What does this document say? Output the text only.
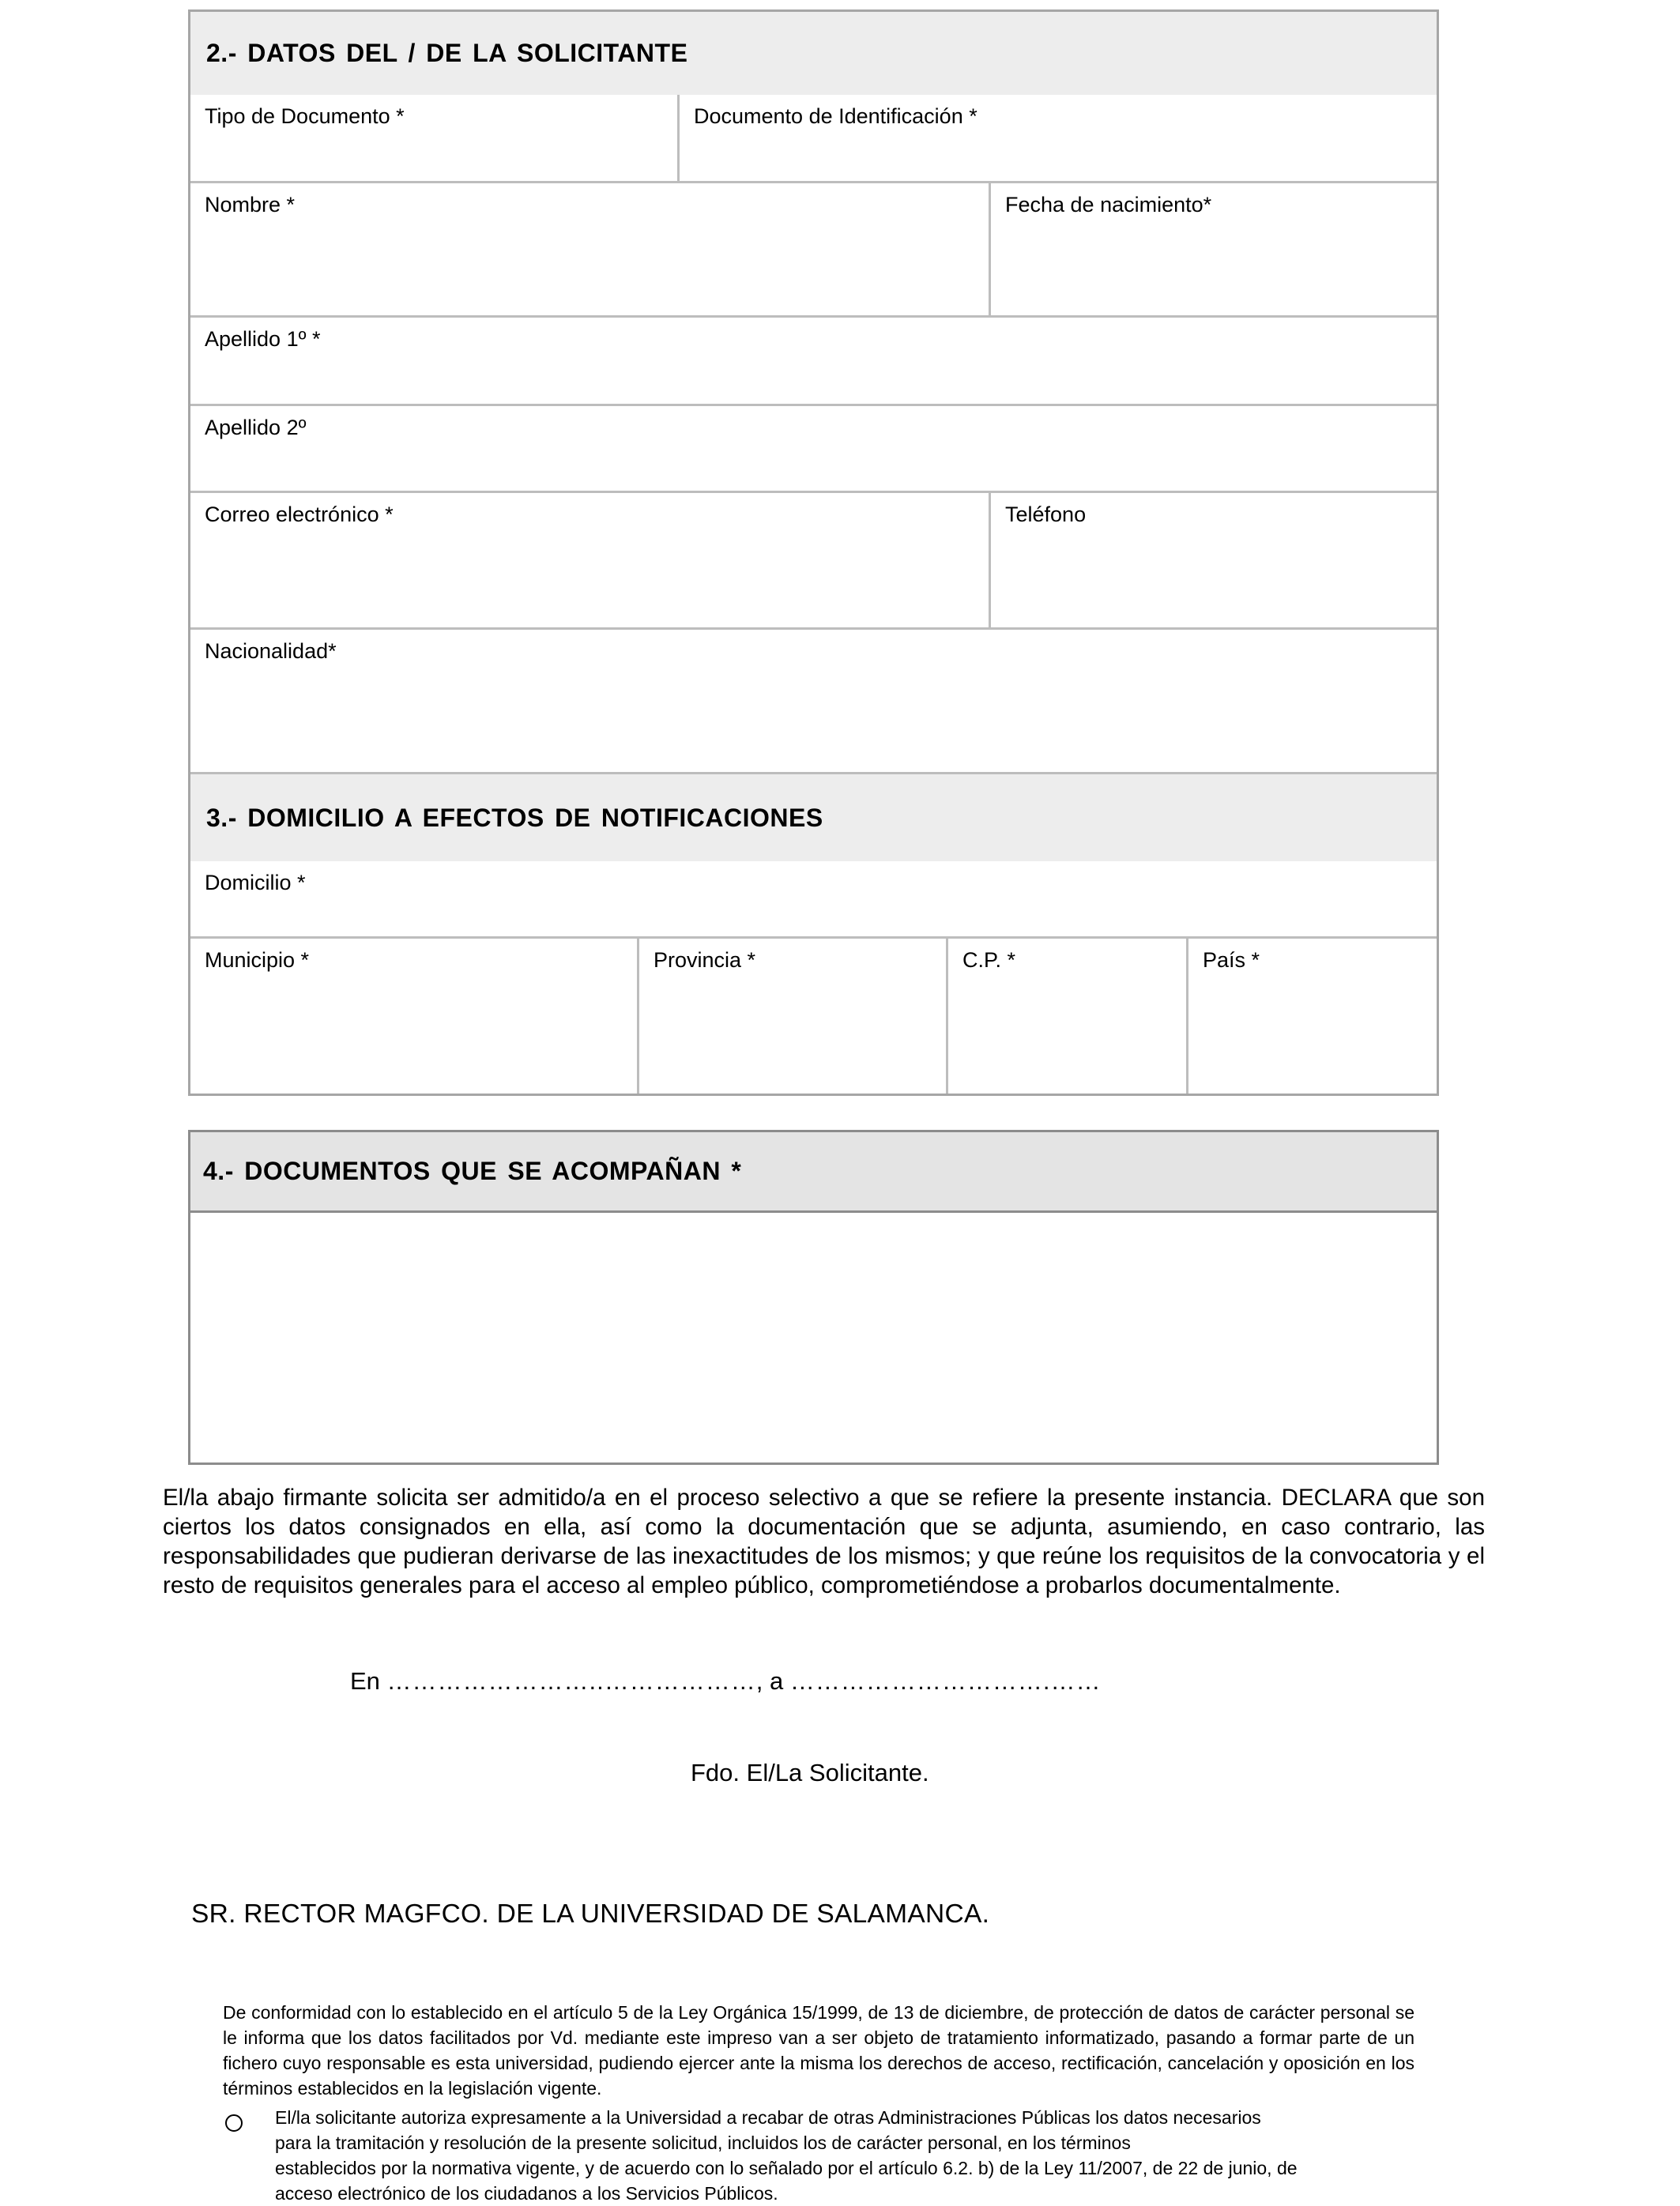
2.- DATOS DEL / DE LA SOLICITANTE
Tipo de Documento *	Documento de Identificación *
Nombre *	Fecha de nacimiento*
Apellido 1º *
Apellido 2º
Correo electrónico *	Teléfono
Nacionalidad*
3.- DOMICILIO A EFECTOS DE NOTIFICACIONES
Domicilio *
Municipio *	Provincia *	C.P. *	País *
4.- DOCUMENTOS QUE SE ACOMPAÑAN *
El/la abajo firmante solicita ser admitido/a en el proceso selectivo a que se refiere la presente instancia. DECLARA que son ciertos los datos consignados en ella, así como la documentación que se adjunta, asumiendo, en caso contrario, las responsabilidades que pudieran derivarse de las inexactitudes de los mismos; y que reúne los requisitos de la convocatoria y el resto de requisitos generales para el acceso al empleo público, comprometiéndose a probarlos documentalmente.
En ……………………..………………, a ………………………….……
Fdo. El/La Solicitante.
SR. RECTOR MAGFCO. DE LA UNIVERSIDAD DE SALAMANCA.
De conformidad con lo establecido en el artículo 5 de la Ley Orgánica 15/1999, de 13 de diciembre, de protección de datos de carácter personal se le informa que los datos facilitados por Vd. mediante este impreso van a ser objeto de tratamiento informatizado, pasando a formar parte de un fichero cuyo responsable es esta universidad, pudiendo ejercer ante la misma los derechos de acceso, rectificación, cancelación y oposición en los términos establecidos en la legislación vigente.
El/la solicitante autoriza expresamente a la Universidad a recabar de otras Administraciones Públicas los datos necesarios
para la tramitación y resolución de la presente solicitud, incluidos los de carácter personal, en los términos
establecidos por la normativa vigente, y de acuerdo con lo señalado por el artículo 6.2. b) de la Ley 11/2007, de 22 de junio, de
acceso electrónico de los ciudadanos a los Servicios Públicos.
